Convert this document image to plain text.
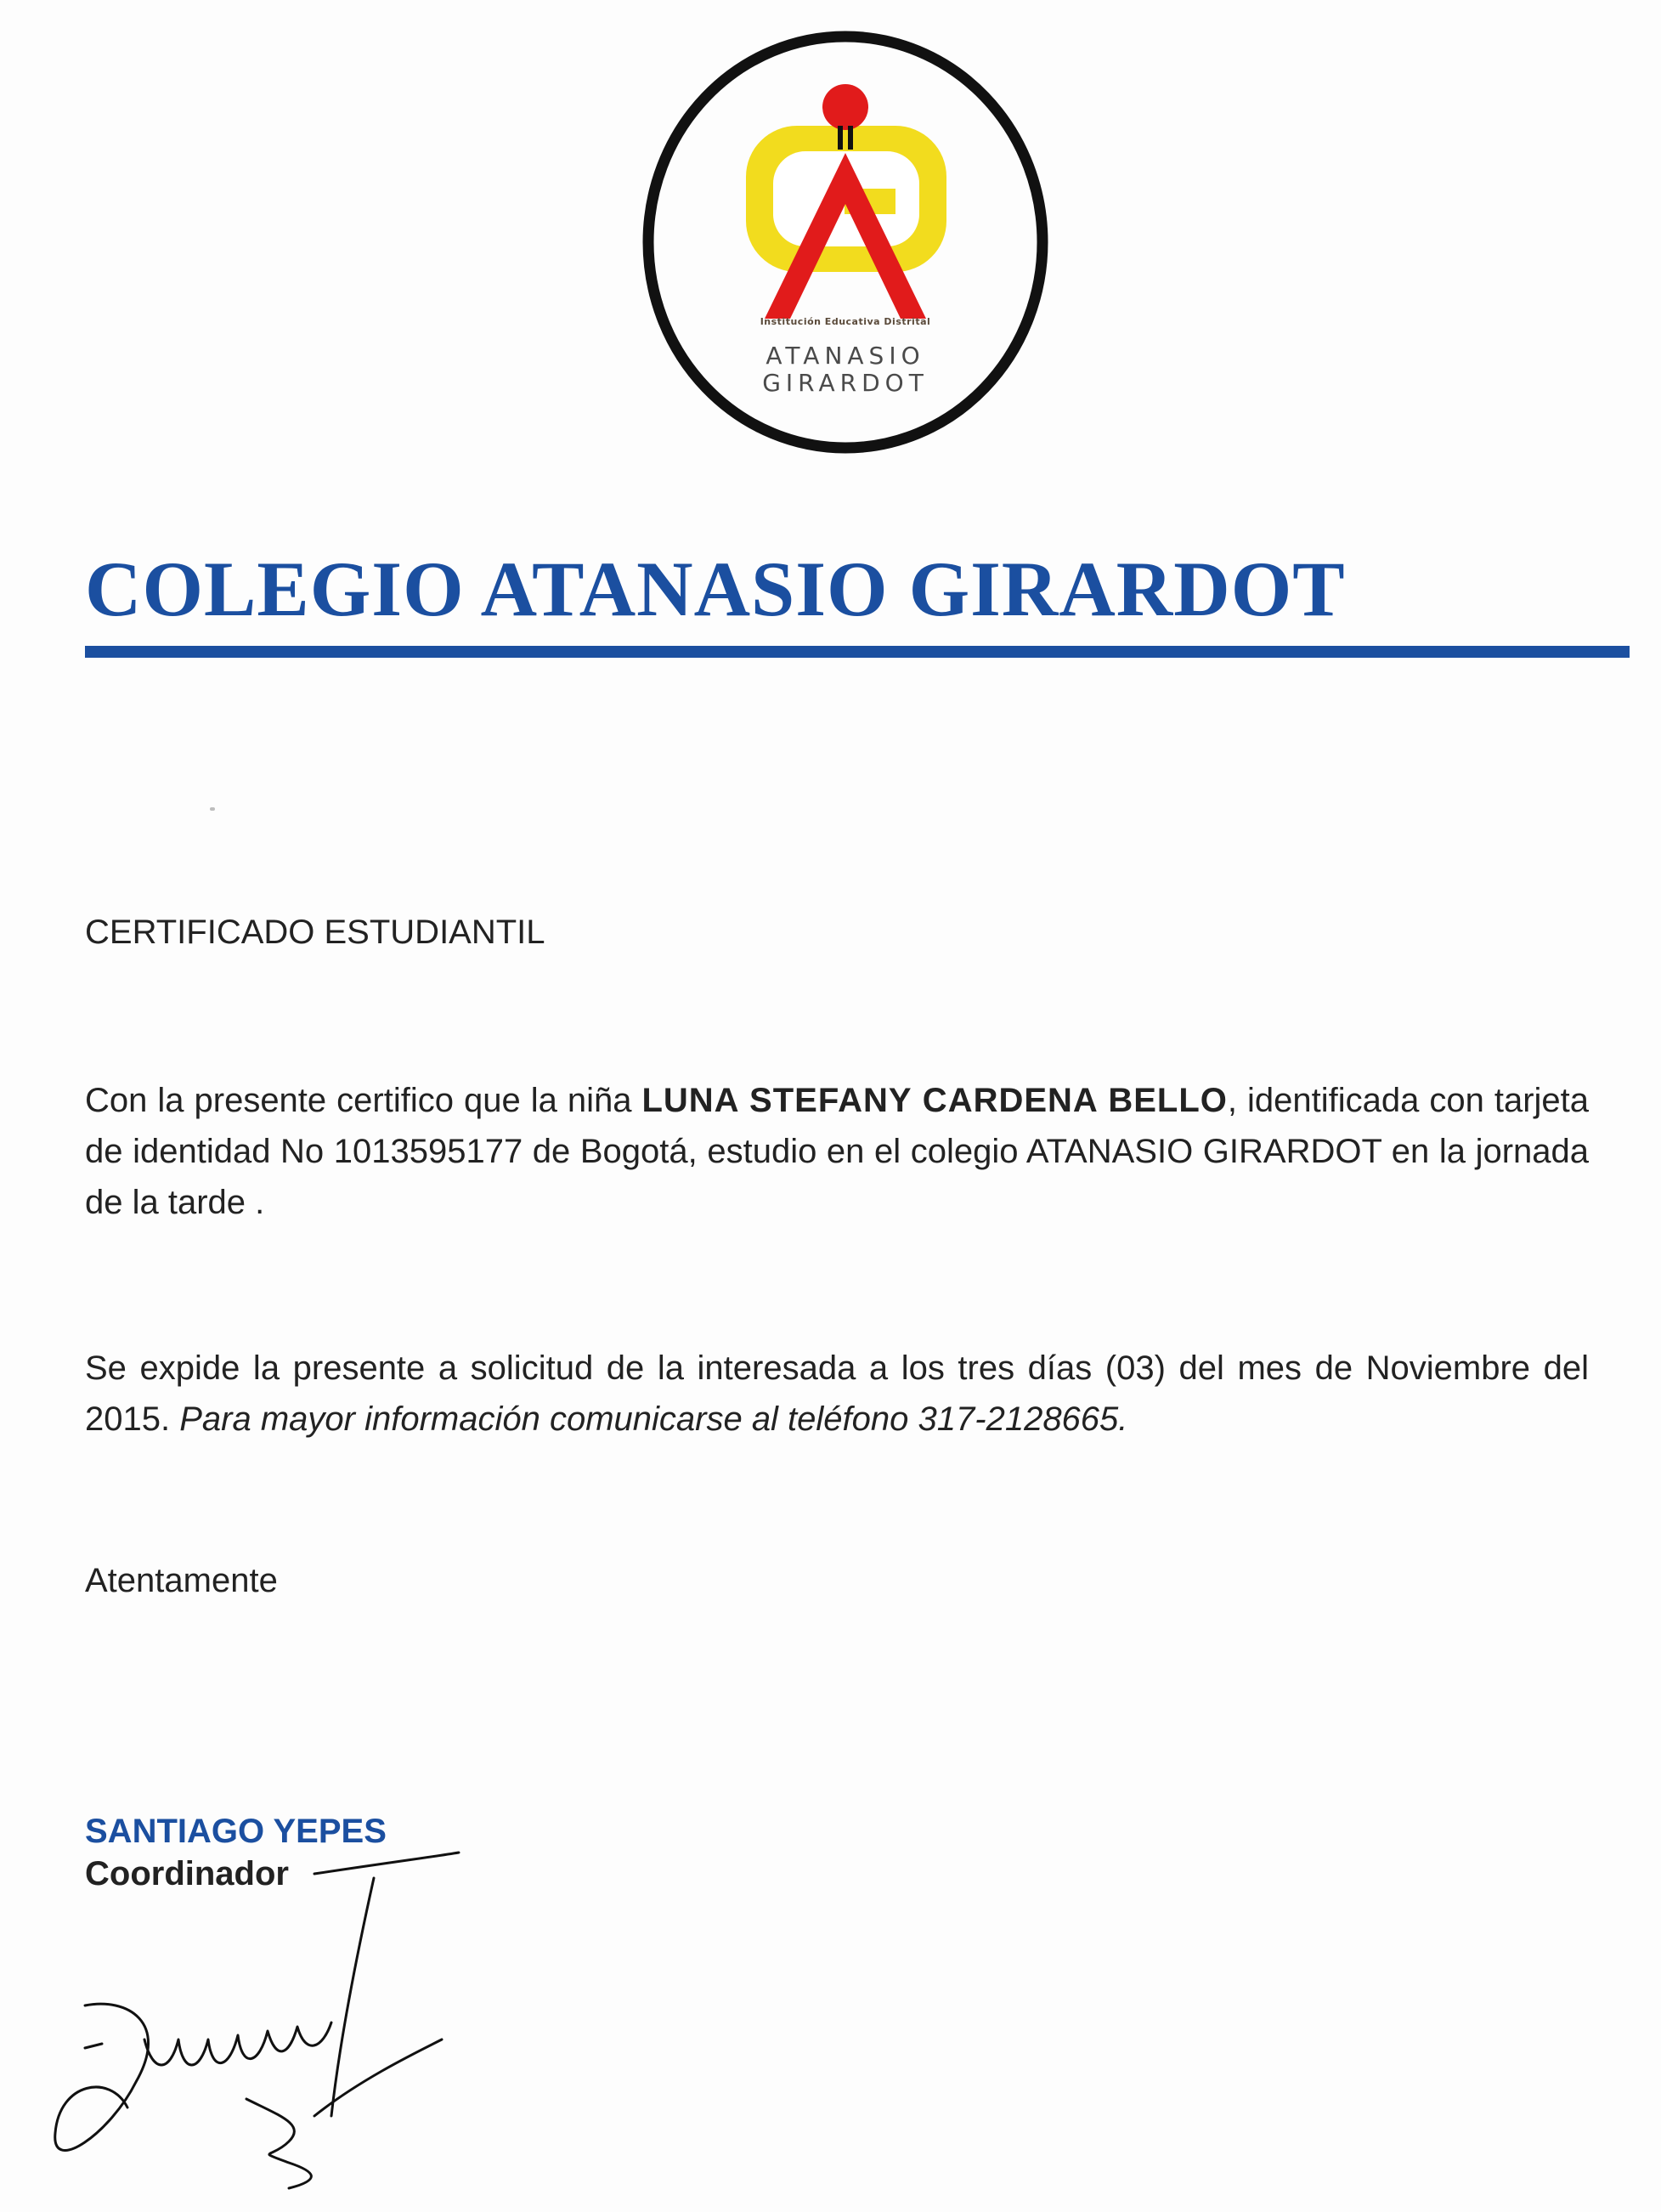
Institución Educativa Distrital
ATANASIO
GIRARDOT
COLEGIO ATANASIO GIRARDOT
CERTIFICADO ESTUDIANTIL
Con la presente certifico que la niña LUNA STEFANY CARDENA BELLO, identificada con tarjeta de identidad No 1013595177 de Bogotá, estudio en el colegio ATANASIO GIRARDOT en la jornada de la tarde .
Se expide la presente a solicitud de la interesada a los tres días (03) del mes de Noviembre del 2015. Para mayor información comunicarse al teléfono 317-2128665.
Atentamente
SANTIAGO YEPES
Coordinador
